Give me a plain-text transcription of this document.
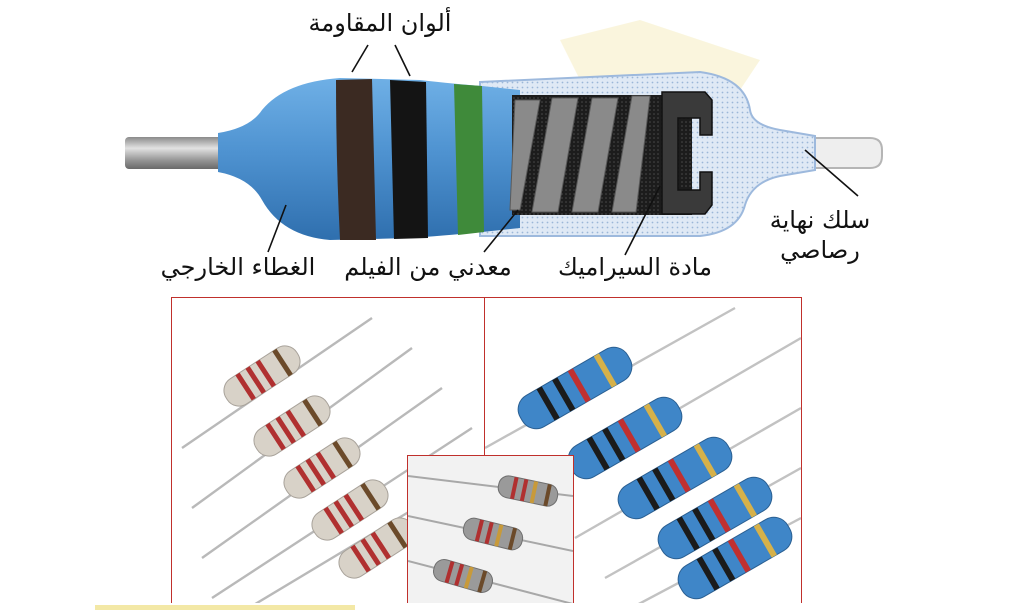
ألوان المقاومة
سلك نهاية
رصاصي
مادة السيراميك
معدني من الفيلم
الغطاء الخارجي
